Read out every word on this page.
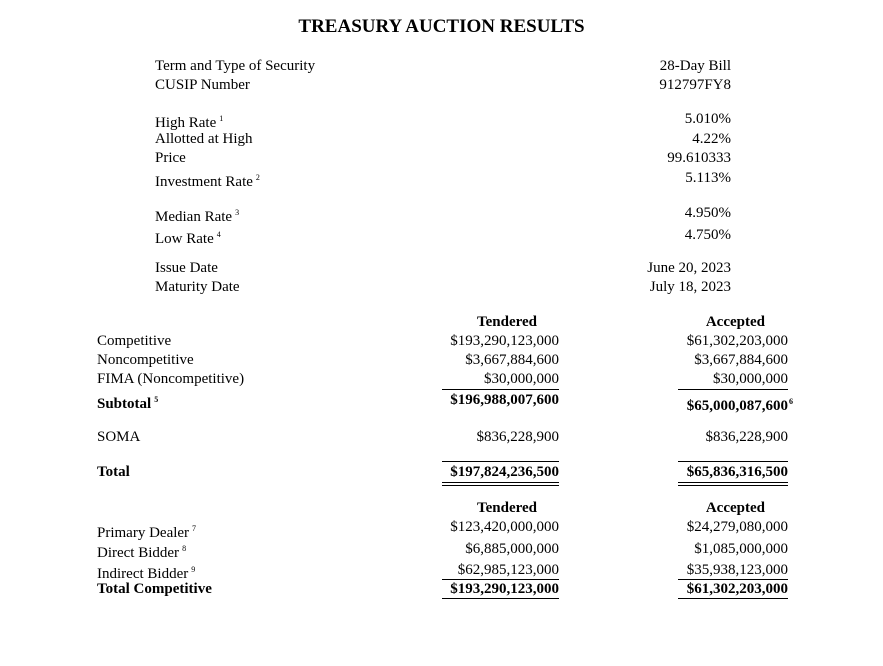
TREASURY AUCTION RESULTS
Term and Type of Security	28-Day Bill
CUSIP Number	912797FY8
High Rate $^1$	5.010%
Allotted at High	4.22%
Price	99.610333
Investment Rate $^2$	5.113%
Median Rate $^3$	4.950%
Low Rate $^4$	4.750%
Issue Date	June 20, 2023
Maturity Date	July 18, 2023
Tendered	Accepted
Competitive	$193,290,123,000	$61,302,203,000
Noncompetitive	$3,667,884,600	$3,667,884,600
FIMA (Noncompetitive)	$30,000,000	$30,000,000
Subtotal $^5$	$196,988,007,600	$65,000,087,600$^6$
SOMA	$836,228,900	$836,228,900
Total	$197,824,236,500	$65,836,316,500
Tendered	Accepted
Primary Dealer $^7$	$123,420,000,000	$24,279,080,000
Direct Bidder $^8$	$6,885,000,000	$1,085,000,000
Indirect Bidder $^9$	$62,985,123,000	$35,938,123,000
Total Competitive	$193,290,123,000	$61,302,203,000
